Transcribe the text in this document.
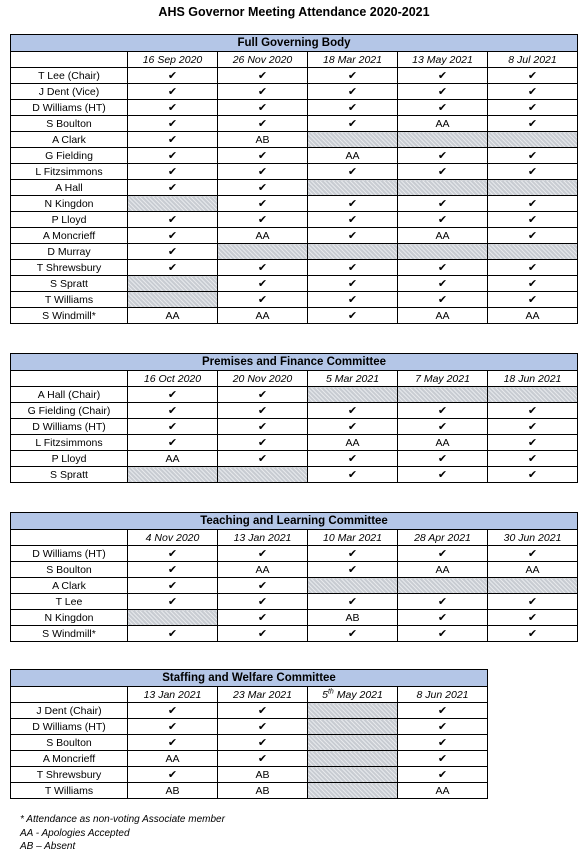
AHS Governor Meeting Attendance 2020-2021
Full Governing Body					
	16 Sep 2020	26 Nov 2020	18 Mar 2021	13 May 2021	8 Jul 2021
T Lee (Chair)	✔	✔	✔	✔	✔
J Dent (Vice)	✔	✔	✔	✔	✔
D Williams (HT)	✔	✔	✔	✔	✔
S Boulton	✔	✔	✔	AA	✔
A Clark	✔	AB			
G Fielding	✔	✔	AA	✔	✔
L Fitzsimmons	✔	✔	✔	✔	✔
A Hall	✔	✔			
N Kingdon		✔	✔	✔	✔
P Lloyd	✔	✔	✔	✔	✔
A Moncrieff	✔	AA	✔	AA	✔
D Murray	✔				
T Shrewsbury	✔	✔	✔	✔	✔
S Spratt		✔	✔	✔	✔
T Williams		✔	✔	✔	✔
S Windmill*	AA	AA	✔	AA	AA
Premises and Finance Committee					
	16 Oct 2020	20 Nov 2020	5 Mar 2021	7 May 2021	18 Jun 2021
A Hall (Chair)	✔	✔			
G Fielding (Chair)	✔	✔	✔	✔	✔
D Williams (HT)	✔	✔	✔	✔	✔
L Fitzsimmons	✔	✔	AA	AA	✔
P Lloyd	AA	✔	✔	✔	✔
S Spratt			✔	✔	✔
Teaching and Learning Committee					
	4 Nov 2020	13 Jan 2021	10 Mar 2021	28 Apr 2021	30 Jun 2021
D Williams (HT)	✔	✔	✔	✔	✔
S Boulton	✔	AA	✔	AA	AA
A Clark	✔	✔			
T Lee	✔	✔	✔	✔	✔
N Kingdon		✔	AB	✔	✔
S Windmill*	✔	✔	✔	✔	✔
Staffing and Welfare Committee				
	13 Jan 2021	23 Mar 2021	5th May 2021	8 Jun 2021
J Dent (Chair)	✔	✔		✔
D Williams (HT)	✔	✔		✔
S Boulton	✔	✔		✔
A Moncrieff	AA	✔		✔
T Shrewsbury	✔	AB		✔
T Williams	AB	AB		AA
* Attendance as non-voting Associate member
AA - Apologies Accepted
AB – Absent
